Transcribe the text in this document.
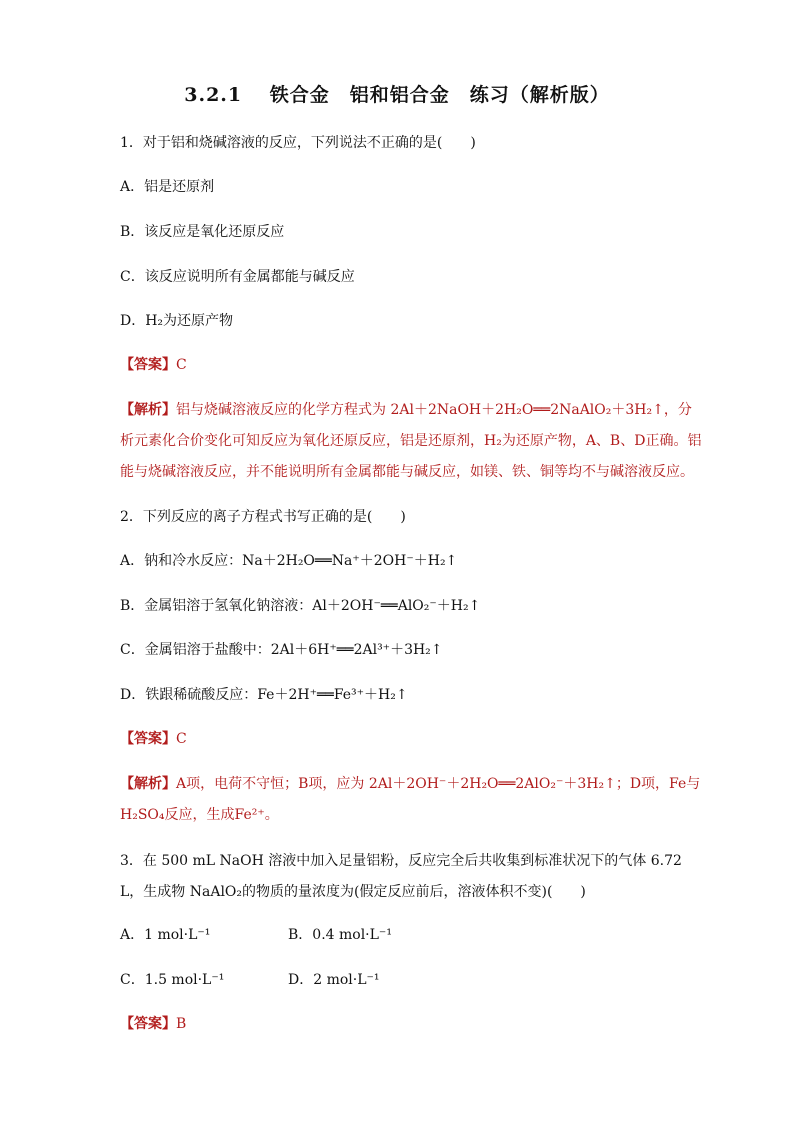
3.2.1　 铁合金　铝和铝合金　练习（解析版）
1．对于铝和烧碱溶液的反应，下列说法不正确的是(　　)
A．铝是还原剂
B．该反应是氧化还原反应
C．该反应说明所有金属都能与碱反应
D．H₂为还原产物
【答案】C
【解析】铝与烧碱溶液反应的化学方程式为 2Al＋2NaOH＋2H₂O══2NaAlO₂＋3H₂↑，分析元素化合价变化可知反应为氧化还原反应，铝是还原剂，H₂为还原产物，A、B、D正确。铝能与烧碱溶液反应，并不能说明所有金属都能与碱反应，如镁、铁、铜等均不与碱溶液反应。
2．下列反应的离子方程式书写正确的是(　　)
A．钠和冷水反应：Na＋2H₂O══Na⁺＋2OH⁻＋H₂↑
B．金属铝溶于氢氧化钠溶液：Al＋2OH⁻══AlO₂⁻＋H₂↑
C．金属铝溶于盐酸中：2Al＋6H⁺══2Al³⁺＋3H₂↑
D．铁跟稀硫酸反应：Fe＋2H⁺══Fe³⁺＋H₂↑
【答案】C
【解析】A项，电荷不守恒；B项，应为 2Al＋2OH⁻＋2H₂O══2AlO₂⁻＋3H₂↑；D项，Fe与H₂SO₄反应，生成Fe²⁺。
3．在 500 mL NaOH 溶液中加入足量铝粉，反应完全后共收集到标准状况下的气体 6.72 L，生成物 NaAlO₂的物质的量浓度为(假定反应前后，溶液体积不变)(　　)
A．1 mol·L⁻¹	B．0.4 mol·L⁻¹
C．1.5 mol·L⁻¹	D．2 mol·L⁻¹
【答案】B
